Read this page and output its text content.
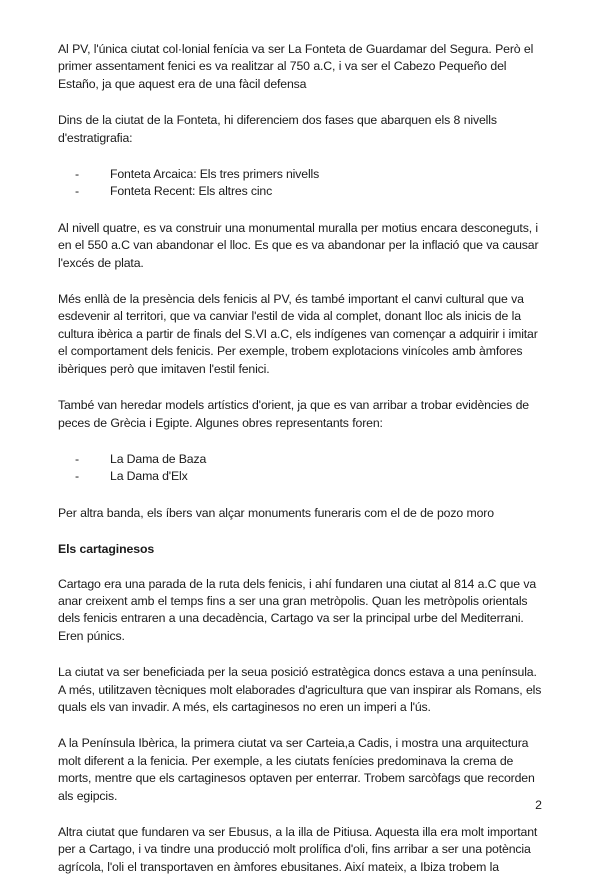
Al PV, l'única ciutat col·lonial fenícia va ser La Fonteta de Guardamar del Segura. Però el primer assentament fenici es va realitzar al 750 a.C, i va ser el Cabezo Pequeño del Estaño, ja que aquest era de una fàcil defensa

Dins de la ciutat de la Fonteta, hi diferenciem dos fases que abarquen els 8 nivells d'estratigrafia:

-	Fonteta Arcaica: Els tres primers nivells
-	Fonteta Recent: Els altres cinc

Al nivell quatre, es va construir una monumental muralla per motius encara desconeguts, i en el 550 a.C van abandonar el lloc. Es que es va abandonar per la inflació que va causar l'excés de plata.

Més enllà de la presència dels fenicis al PV, és també important el canvi cultural que va esdevenir al territori, que va canviar l'estil de vida al complet, donant lloc als inicis de la cultura ibèrica a partir de finals del S.VI a.C, els indígenes van començar a adquirir i imitar el comportament dels fenicis. Per exemple, trobem explotacions vinícoles amb àmfores ibèriques però que imitaven l'estil fenici.

També van heredar models artístics d'orient, ja que es van arribar a trobar evidències de peces de Grècia i Egipte. Algunes obres representants foren:

-	La Dama de Baza
-	La Dama d'Elx

Per altra banda, els íbers van alçar monuments funeraris com el de de pozo moro

Els cartaginesos

Cartago era una parada de la ruta dels fenicis, i ahí fundaren una ciutat al 814 a.C que va anar creixent amb el temps fins a ser una gran metròpolis. Quan les metròpolis orientals dels fenicis entraren a una decadència, Cartago va ser la principal urbe del Mediterrani. Eren púnics.

La ciutat va ser beneficiada per la seua posició estratègica doncs estava a una península. A més, utilitzaven tècniques molt elaborades d'agricultura que van inspirar als Romans, els quals els van invadir. A més, els cartaginesos no eren un imperi a l'ús.

A la Península Ibèrica, la primera ciutat va ser Carteia,a Cadis, i mostra una arquitectura molt diferent a la fenicia. Per exemple, a les ciutats fenícies predominava la crema de morts, mentre que els cartaginesos optaven per enterrar. Trobem sarcòfags que recorden als egipcis.

Altra ciutat que fundaren va ser Ebusus, a la illa de Pitiusa. Aquesta illa era molt important per a Cartago, i va tindre una producció molt prolífica d'oli, fins arribar a ser una potència agrícola, l'oli el transportaven en àmfores ebusitanes. Així mateix, a Ibiza trobem la

2
